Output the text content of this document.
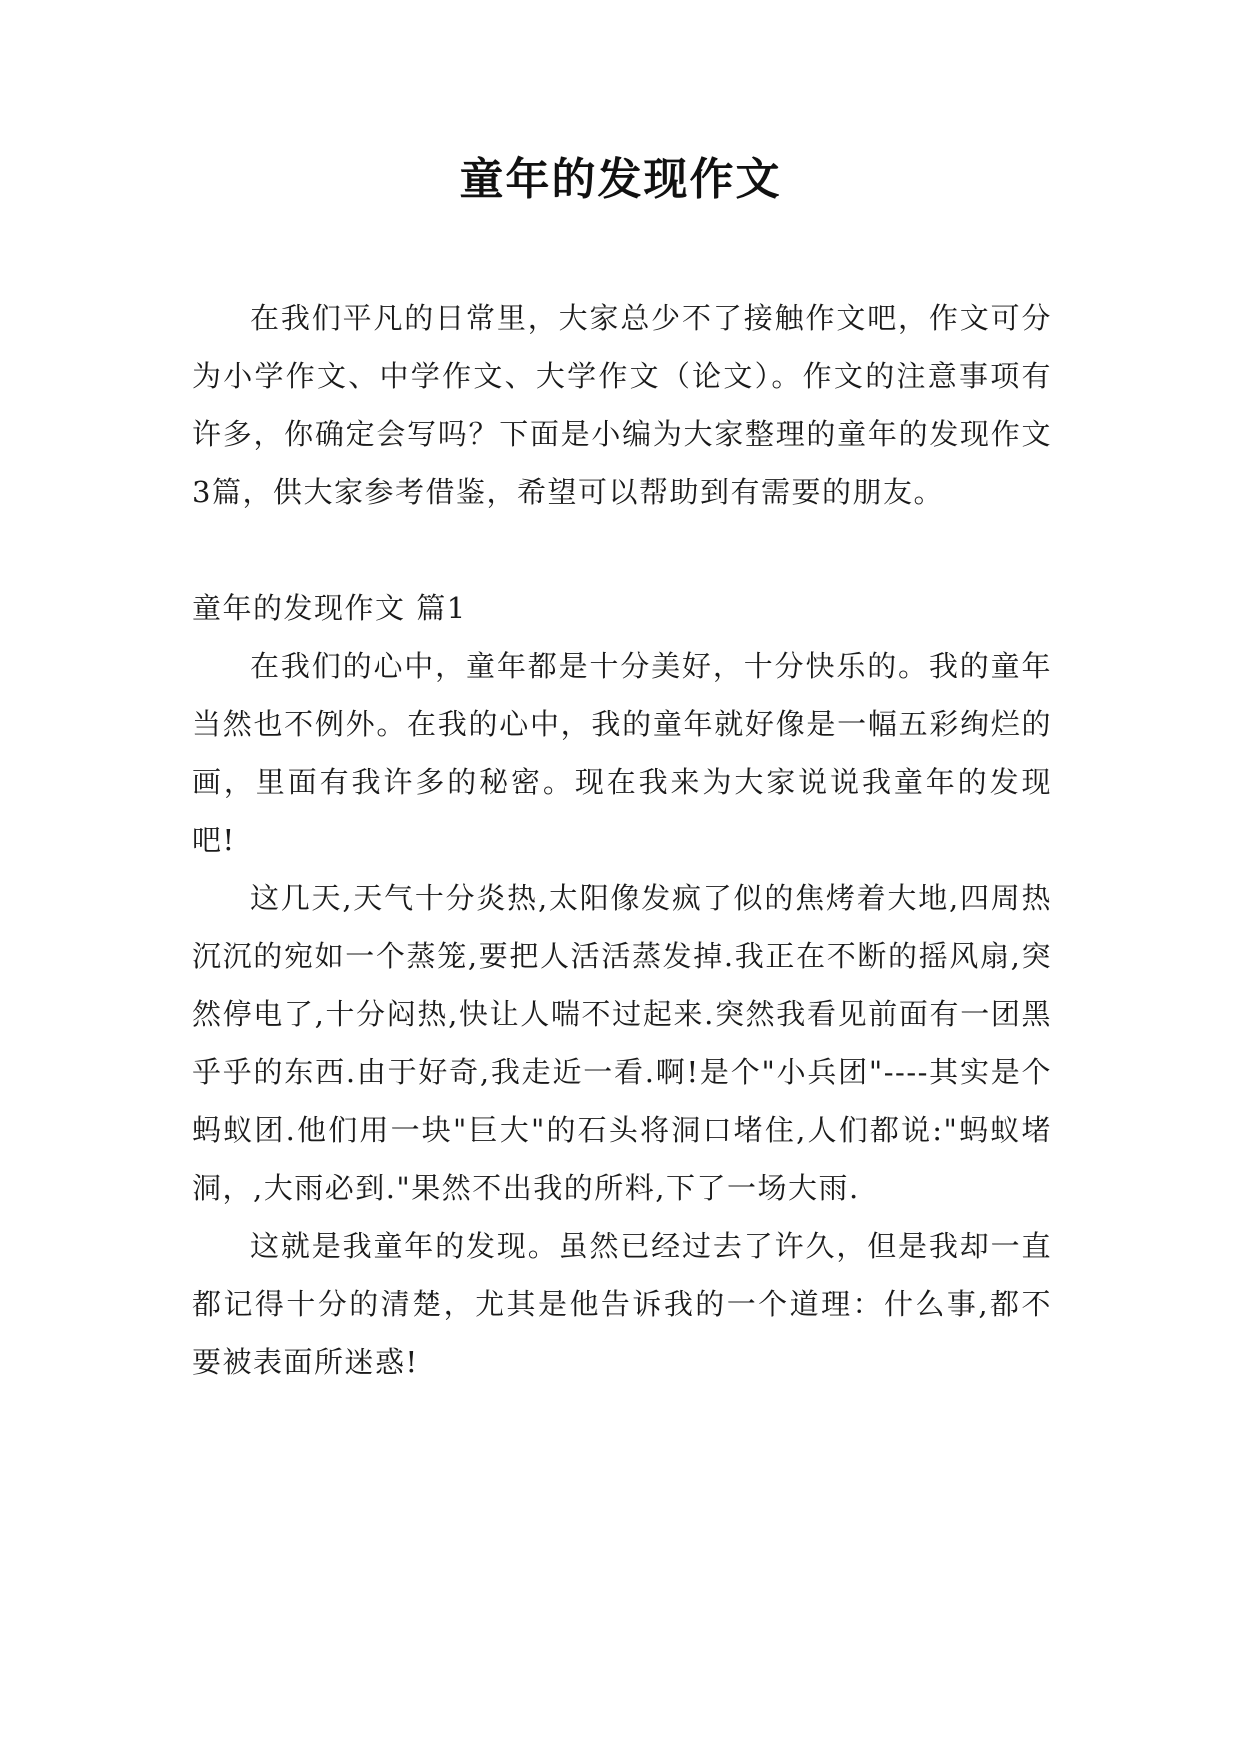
童年的发现作文

在我们平凡的日常里，大家总少不了接触作文吧，作文可分为小学作文、中学作文、大学作文（论文）。作文的注意事项有许多，你确定会写吗？下面是小编为大家整理的童年的发现作文3篇，供大家参考借鉴，希望可以帮助到有需要的朋友。

童年的发现作文 篇1

在我们的心中，童年都是十分美好，十分快乐的。我的童年当然也不例外。在我的心中，我的童年就好像是一幅五彩绚烂的画，里面有我许多的秘密。现在我来为大家说说我童年的发现吧!

这几天,天气十分炎热,太阳像发疯了似的焦烤着大地,四周热沉沉的宛如一个蒸笼,要把人活活蒸发掉.我正在不断的摇风扇,突然停电了,十分闷热,快让人喘不过起来.突然我看见前面有一团黑乎乎的东西.由于好奇,我走近一看.啊!是个"小兵团"----其实是个蚂蚁团.他们用一块"巨大"的石头将洞口堵住,人们都说:"蚂蚁堵洞，,大雨必到."果然不出我的所料,下了一场大雨.

这就是我童年的发现。虽然已经过去了许久，但是我却一直都记得十分的清楚，尤其是他告诉我的一个道理：什么事,都不要被表面所迷惑!
